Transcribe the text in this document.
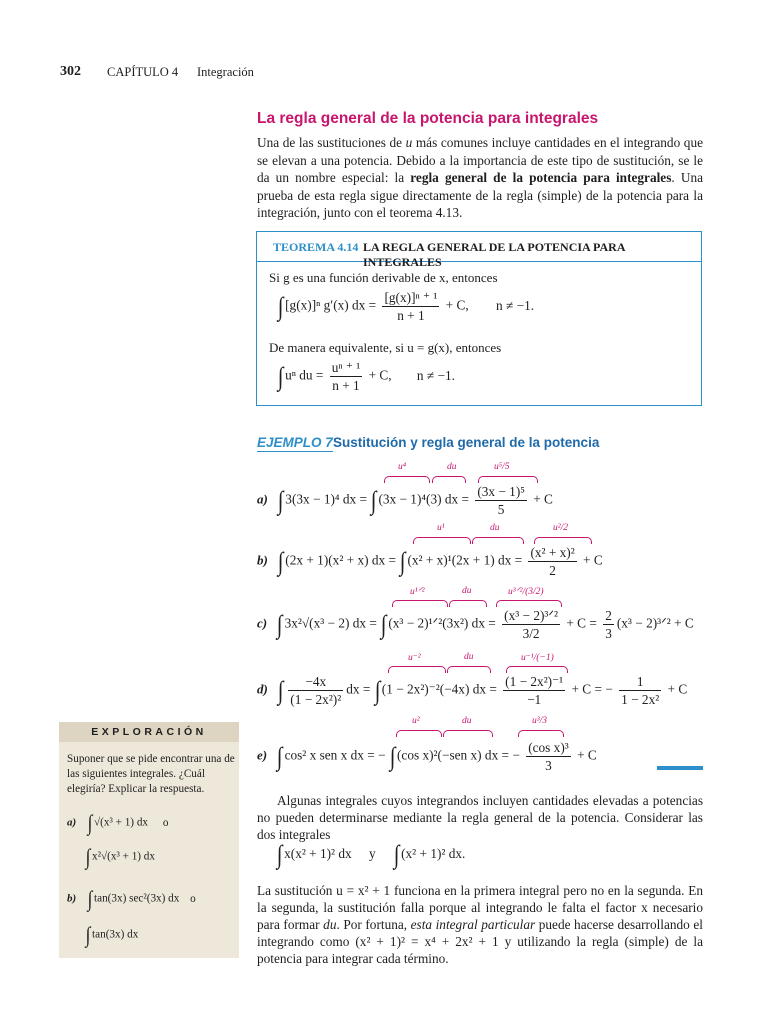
302 CAPÍTULO 4 Integración
La regla general de la potencia para integrales
Una de las sustituciones de u más comunes incluye cantidades en el integrando que se elevan a una potencia. Debido a la importancia de este tipo de sustitución, se le da un nombre especial: la regla general de la potencia para integrales. Una prueba de esta regla sigue directamente de la regla (simple) de la potencia para la integración, junto con el teorema 4.13.
TEOREMA 4.14 LA REGLA GENERAL DE LA POTENCIA PARA INTEGRALES
Si g es una función derivable de x, entonces
∫ [g(x)]ⁿ g′(x) dx = $\frac{\text{[g(x)]ⁿ ⁺ ¹}}{n + 1} + C$, n ≠ −1.
De manera equivalente, si u = g(x), entonces
∫ uⁿ du = $\frac{\text{uⁿ ⁺ ¹}}{n + 1} + C$, n ≠ −1.
EJEMPLO 7 Sustitución y regla general de la potencia
u⁴	du	u⁵/5
a) ∫ 3(3x − 1)⁴ dx = ∫ (3x − 1)⁴(3) dx = $\frac{\text{(3x − 1)⁵}}{5} + C$
u¹	du	u²/2
b) ∫ (2x + 1)(x² + x) dx = ∫ (x² + x)¹(2x + 1) dx = $\frac{\text{(x² + x)²}}{2} + C$
u¹ᐟ²	du	u³ᐟ²/(3/2)
c) ∫ 3x²√(x³ − 2) dx = ∫ (x³ − 2)¹ᐟ²(3x²) dx = $\frac{\text{(x³ − 2)³ᐟ²}}{3/2} + C = \frac{2}{3} (x^3$ − 2)³ᐟ² + C
u⁻²	du	u⁻¹/(−1)
d) ∫ $\frac{-4x}{\text{(1 − 2x²)²}}$ dx = ∫ (1 − 2x²)⁻²(−4x) dx = $\frac{\text{(1 − 2x²)⁻¹}}{-1} + C$ = − $\frac{1}{\text{1 − 2x²}} + C$
u²	du	u³/3
e) ∫ cos² x sen x dx = − ∫ (cos x)²(−sen x) dx = − $\frac{\text{(cos x)³}}{3} + C$
Algunas integrales cuyos integrandos incluyen cantidades elevadas a potencias no pueden determinarse mediante la regla general de la potencia. Considerar las dos integrales
∫ x(x² + 1)² dx y ∫ (x² + 1)² dx.
La sustitución u = x² + 1 funciona en la primera integral pero no en la segunda. En la segunda, la sustitución falla porque al integrando le falta el factor x necesario para formar du. Por fortuna, esta integral particular puede hacerse desarrollando el integrando como (x² + 1)² = x⁴ + 2x² + 1 y utilizando la regla (simple) de la potencia para integrar cada término.
EXPLORACIÓN
Suponer que se pide encontrar una de las siguientes integrales. ¿Cuál elegiría? Explicar la respuesta.
a) ∫ √(x³ + 1) dx o
∫ x²√(x³ + 1) dx
b) ∫ tan(3x) sec²(3x) dx o
∫ tan(3x) dx
